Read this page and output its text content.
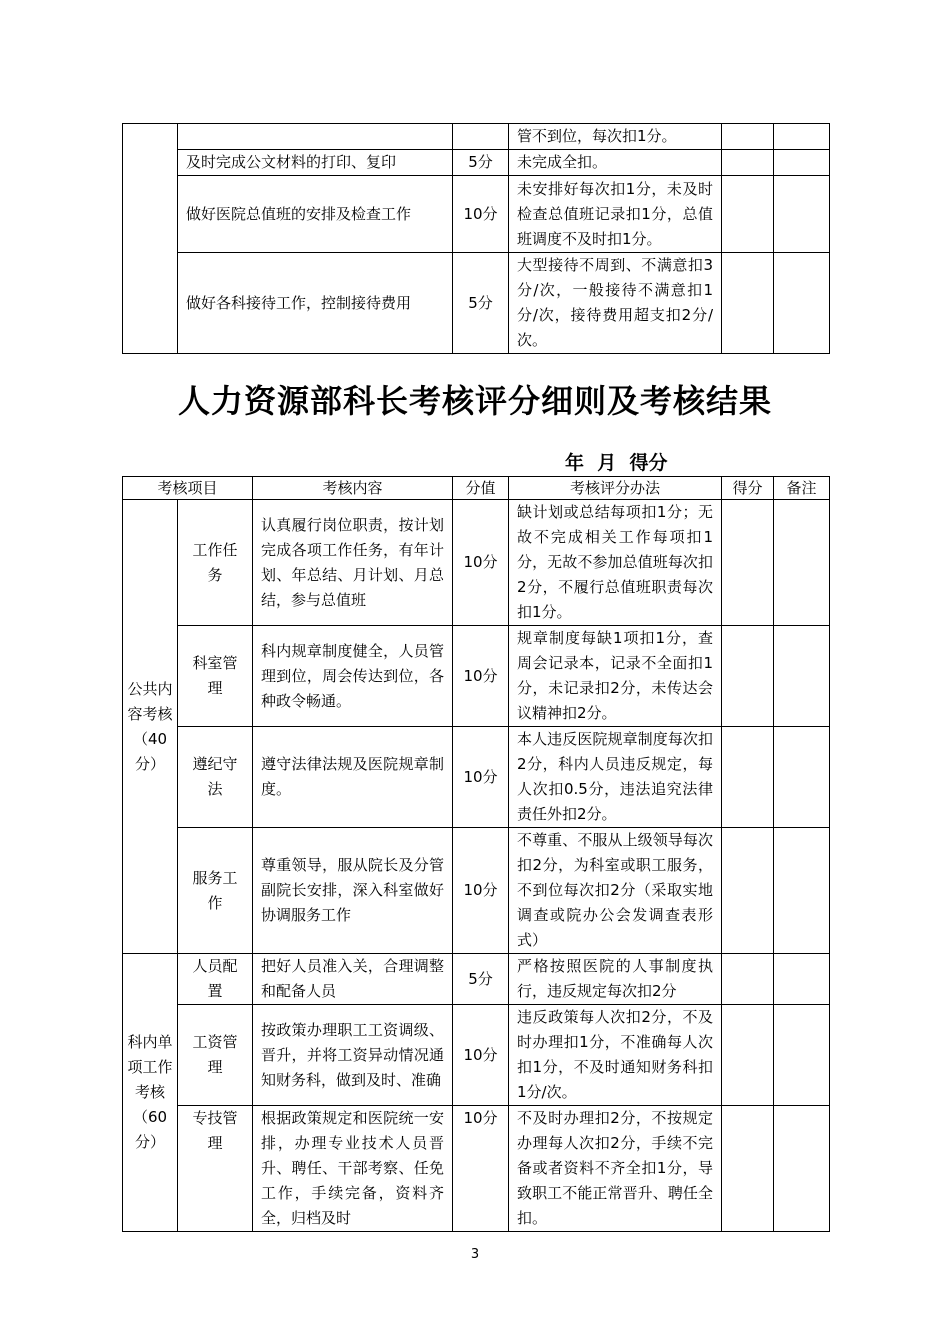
			管不到位，每次扣1分。		
	及时完成公文材料的打印、复印	5分	未完成全扣。		
	做好医院总值班的安排及检查工作	10分	未安排好每次扣1分，未及时检查总值班记录扣1分，总值班调度不及时扣1分。		
	做好各科接待工作，控制接待费用	5分	大型接待不周到、不满意扣3分/次，一般接待不满意扣1分/次，接待费用超支扣2分/次。		
人力资源部科长考核评分细则及考核结果
年  月  得分
考核项目		考核内容	分值	考核评分办法	得分	备注
公共内容考核（40分）	工作任务	认真履行岗位职责，按计划完成各项工作任务，有年计划、年总结、月计划、月总结，参与总值班	10分	缺计划或总结每项扣1分；无故不完成相关工作每项扣1分，无故不参加总值班每次扣2分，不履行总值班职责每次扣1分。		
	科室管理	科内规章制度健全，人员管理到位，周会传达到位，各种政令畅通。	10分	规章制度每缺1项扣1分，查周会记录本，记录不全面扣1分，未记录扣2分，未传达会议精神扣2分。		
	遵纪守法	遵守法律法规及医院规章制度。	10分	本人违反医院规章制度每次扣2分，科内人员违反规定，每人次扣0.5分，违法追究法律责任外扣2分。		
	服务工作	尊重领导，服从院长及分管副院长安排，深入科室做好协调服务工作	10分	不尊重、不服从上级领导每次扣2分，为科室或职工服务，不到位每次扣2分（采取实地调查或院办公会发调查表形式）		
科内单项工作考核（60分）	人员配置	把好人员准入关，合理调整和配备人员	5分	严格按照医院的人事制度执行，违反规定每次扣2分		
	工资管理	按政策办理职工工资调级、晋升，并将工资异动情况通知财务科，做到及时、准确	10分	违反政策每人次扣2分，不及时办理扣1分，不准确每人次扣1分，不及时通知财务科扣1分/次。		
	专技管理	根据政策规定和医院统一安排，办理专业技术人员晋升、聘任、干部考察、任免工作，手续完备，资料齐全，归档及时	10分	不及时办理扣2分，不按规定办理每人次扣2分，手续不完备或者资料不齐全扣1分，导致职工不能正常晋升、聘任全扣。		
3
